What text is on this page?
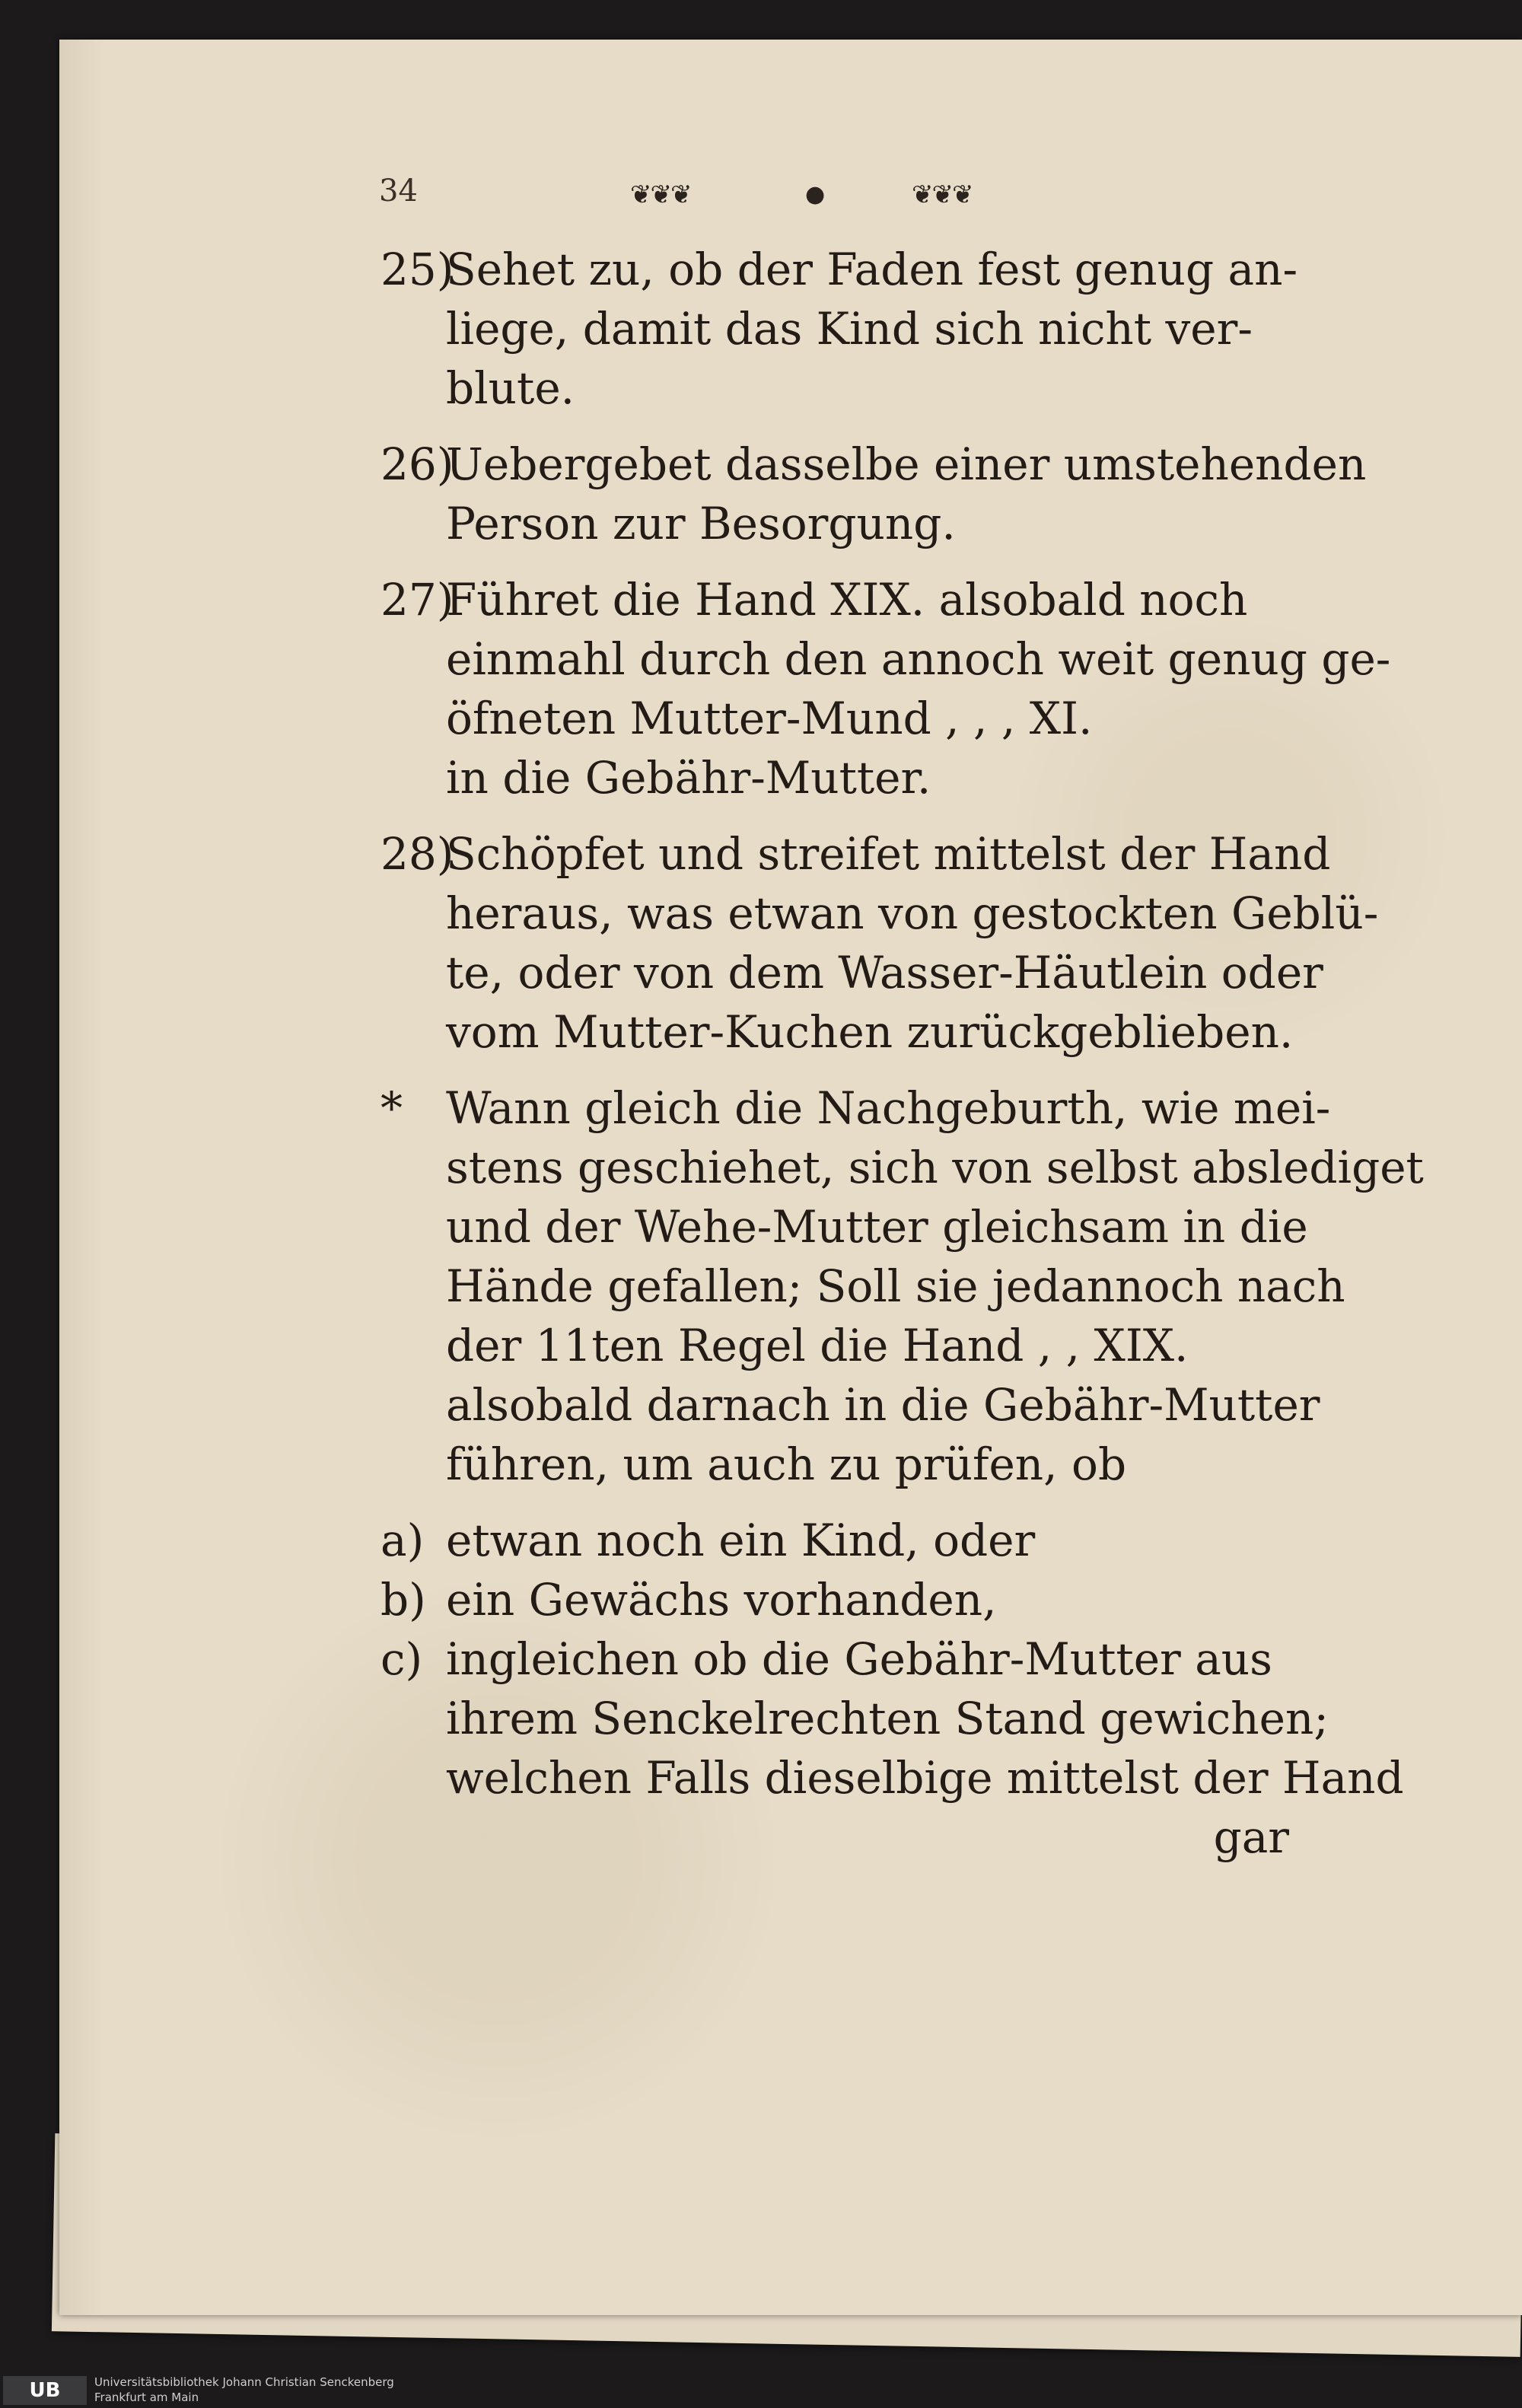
34	❦❦❦	●	❦❦❦
25)
Sehet zu, ob der Faden fest genug an-
liege, damit das Kind sich nicht ver-
blute.
26)
Uebergebet dasselbe einer umstehenden
Person zur Besorgung.
27)
Führet die Hand XIX. alsobald noch
einmahl durch den annoch weit genug ge-
öfneten Mutter-Mund , , , XI.
in die Gebähr-Mutter.
28)
Schöpfet und streifet mittelst der Hand
heraus, was etwan von gestockten Geblü-
te, oder von dem Wasser-Häutlein oder
vom Mutter-Kuchen zurückgeblieben.
* Wann gleich die Nachgeburth, wie mei-
stens geschiehet, sich von selbst abslediget
und der Wehe-Mutter gleichsam in die
Hände gefallen; Soll sie jedannoch nach
der 11ten Regel die Hand , , XIX.
alsobald darnach in die Gebähr-Mutter
führen, um auch zu prüfen, ob
a) etwan noch ein Kind, oder
b) ein Gewächs vorhanden,
c) ingleichen ob die Gebähr-Mutter aus
ihrem Senckelrechten Stand gewichen;
welchen Falls dieselbige mittelst der Hand
gar
UB	Universitätsbibliothek Johann Christian Senckenberg
Frankfurt am Main
